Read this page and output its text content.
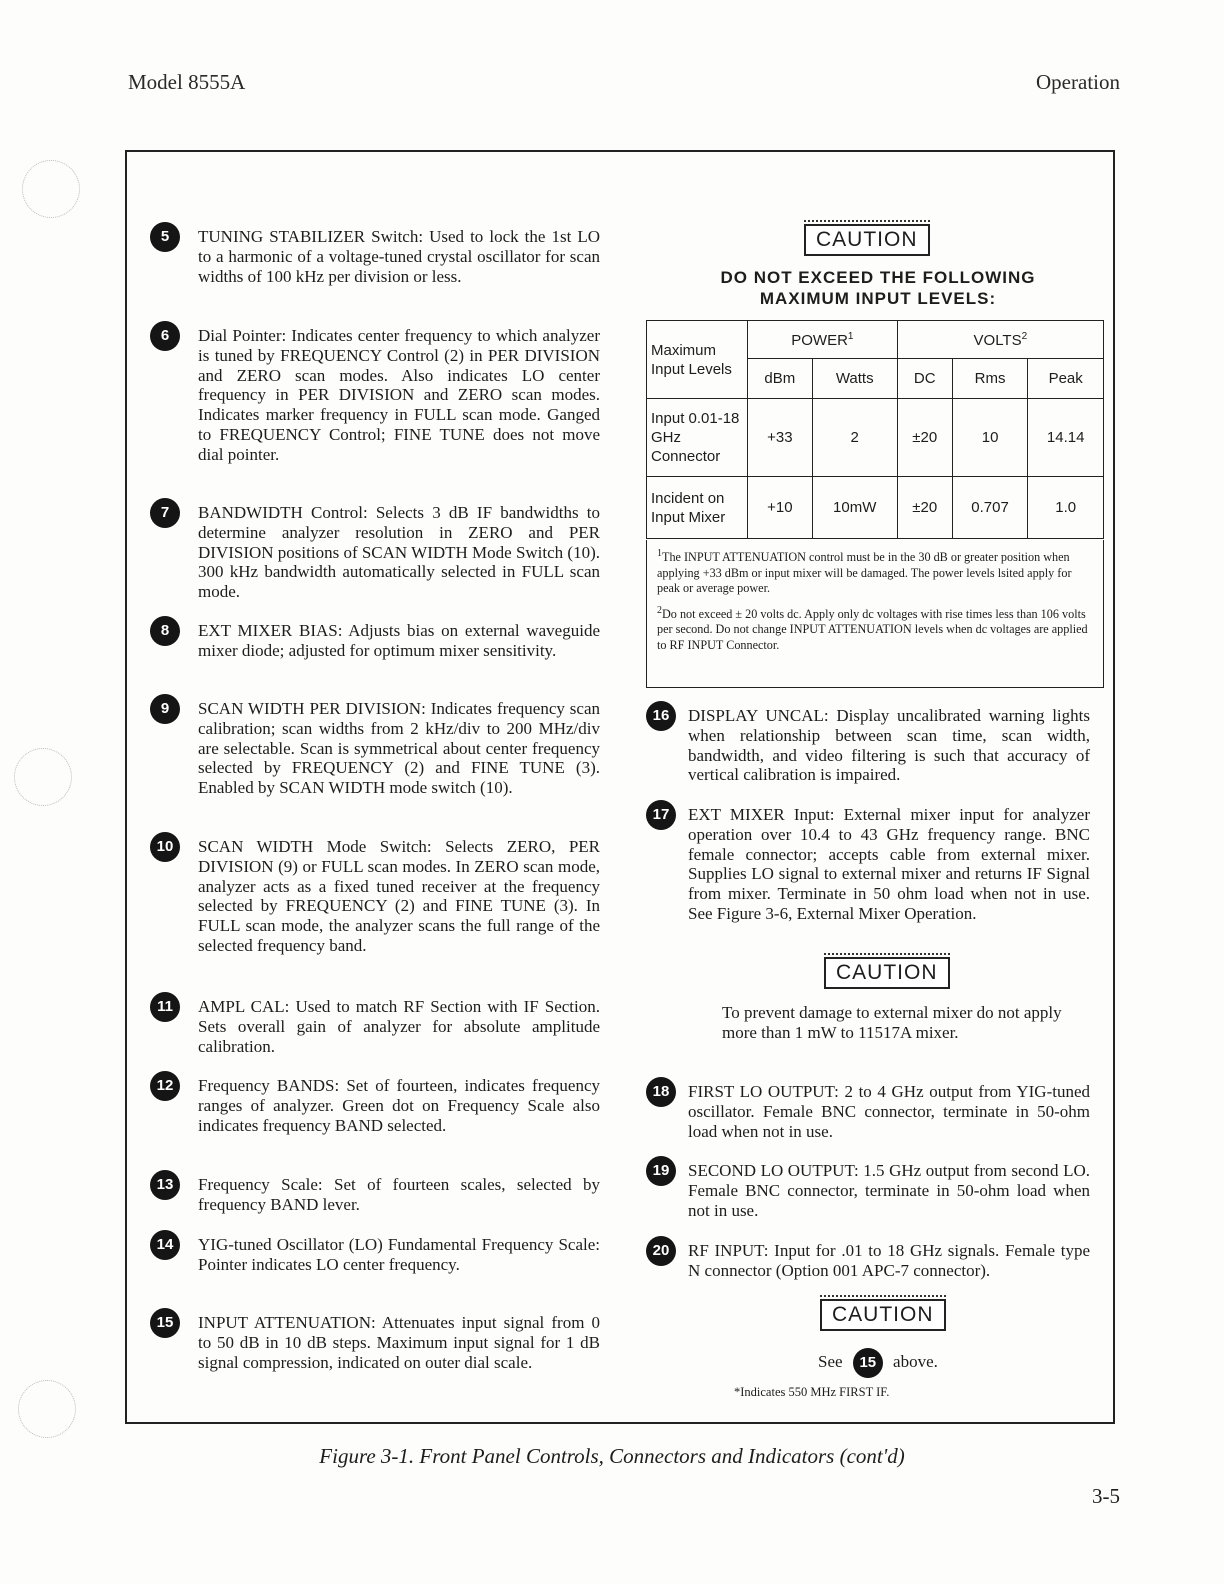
Model 8555A	Operation
5	TUNING STABILIZER Switch: Used to lock the 1st LO to a harmonic of a voltage-tuned crystal oscillator for scan widths of 100 kHz per division or less.
6	Dial Pointer: Indicates center frequency to which analyzer is tuned by FREQUENCY Control (2) in PER DIVISION and ZERO scan modes. Also indicates LO center frequency in PER DIVISION and ZERO scan modes. Indicates marker frequency in FULL scan mode. Ganged to FREQUENCY Control; FINE TUNE does not move dial pointer.
7	BANDWIDTH Control: Selects 3 dB IF bandwidths to determine analyzer resolution in ZERO and PER DIVISION positions of SCAN WIDTH Mode Switch (10). 300 kHz bandwidth automatically selected in FULL scan mode.
8	EXT MIXER BIAS: Adjusts bias on external waveguide mixer diode; adjusted for optimum mixer sensitivity.
9	SCAN WIDTH PER DIVISION: Indicates frequency scan calibration; scan widths from 2 kHz/div to 200 MHz/div are selectable. Scan is symmetrical about center frequency selected by FREQUENCY (2) and FINE TUNE (3). Enabled by SCAN WIDTH mode switch (10).
10	SCAN WIDTH Mode Switch: Selects ZERO, PER DIVISION (9) or FULL scan modes. In ZERO scan mode, analyzer acts as a fixed tuned receiver at the frequency selected by FREQUENCY (2) and FINE TUNE (3). In FULL scan mode, the analyzer scans the full range of the selected frequency band.
11	AMPL CAL: Used to match RF Section with IF Section. Sets overall gain of analyzer for absolute amplitude calibration.
12	Frequency BANDS: Set of fourteen, indicates frequency ranges of analyzer. Green dot on Frequency Scale also indicates frequency BAND selected.
13	Frequency Scale: Set of fourteen scales, selected by frequency BAND lever.
14	YIG-tuned Oscillator (LO) Fundamental Frequency Scale: Pointer indicates LO center frequency.
15	INPUT ATTENUATION: Attenuates input signal from 0 to 50 dB in 10 dB steps. Maximum input signal for 1 dB signal compression, indicated on outer dial scale.
CAUTION
DO NOT EXCEED THE FOLLOWING
MAXIMUM INPUT LEVELS:
Maximum Input Levels	POWER$^1$		VOLTS$^2$
	dBm	Watts	DC	Rms	Peak
Input 0.01-18 GHz Connector	+33	2	±20	10	14.14
Incident on Input Mixer	+10	10mW	±20	0.707	1.0

$^1$The INPUT ATTENUATION control must be in the 30 dB or greater position when applying +33 dBm or input mixer will be damaged. The power levels lsited apply for peak or average power.

$^2$Do not exceed ± 20 volts dc. Apply only dc voltages with rise times less than 106 volts per second. Do not change INPUT ATTENUATION levels when dc voltages are applied to RF INPUT Connector.

16	DISPLAY UNCAL: Display uncalibrated warning lights when relationship between scan time, scan width, bandwidth, and video filtering is such that accuracy of vertical calibration is impaired.
17	EXT MIXER Input: External mixer input for analyzer operation over 10.4 to 43 GHz frequency range. BNC female connector; accepts cable from external mixer. Supplies LO signal to external mixer and returns IF Signal from mixer. Terminate in 50 ohm load when not in use. See Figure 3-6, External Mixer Operation.
CAUTION
To prevent damage to external mixer do not apply more than 1 mW to 11517A mixer.
18	FIRST LO OUTPUT: 2 to 4 GHz output from YIG-tuned oscillator. Female BNC connector, terminate in 50-ohm load when not in use.
19	SECOND LO OUTPUT: 1.5 GHz output from second LO. Female BNC connector, terminate in 50-ohm load when not in use.
20	RF INPUT: Input for .01 to 18 GHz signals. Female type N connector (Option 001 APC-7 connector).
CAUTION
See 15 above.
*Indicates 550 MHz FIRST IF.
Figure 3-1. Front Panel Controls, Connectors and Indicators (cont'd)
3-5
